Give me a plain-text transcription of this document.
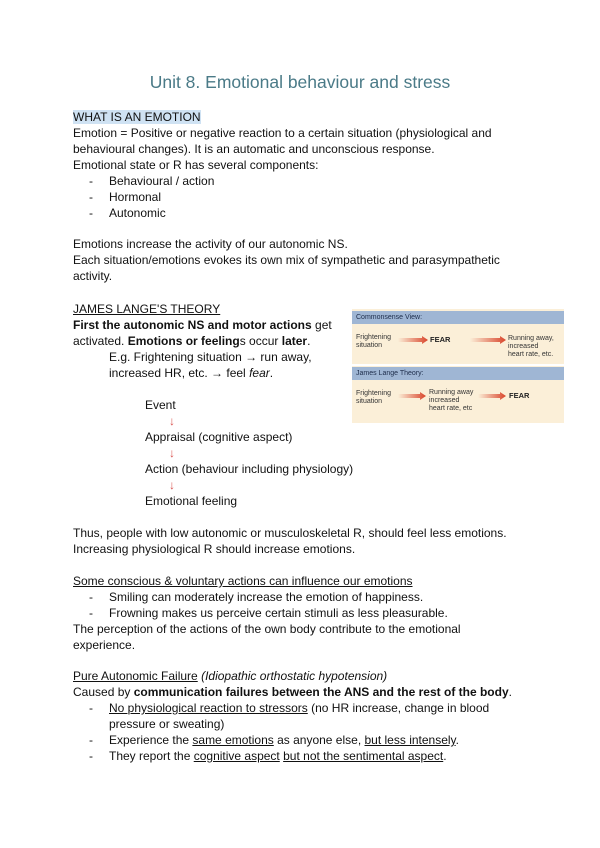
Unit 8. Emotional behaviour and stress
WHAT IS AN EMOTION
Emotion = Positive or negative reaction to a certain situation (physiological and
behavioural changes). It is an automatic and unconscious response.
Emotional state or R has several components:
- Behavioural / action
- Hormonal
- Autonomic
Emotions increase the activity of our autonomic NS.
Each situation/emotions evokes its own mix of sympathetic and parasympathetic
activity.
JAMES LANGE'S THEORY
First the autonomic NS and motor actions get
activated. Emotions or feelings occur later.
E.g. Frightening situation → run away,
increased HR, etc. → feel fear.
Event
↓
Appraisal (cognitive aspect)
↓
Action (behaviour including physiology)
↓
Emotional feeling
Commonsense View:
Frightening
situation
FEAR	Running away,
increased
heart rate, etc.
James Lange Theory:
Frightening
situation
Running away
increased
heart rate, etc
FEAR
Thus, people with low autonomic or musculoskeletal R, should feel less emotions.
Increasing physiological R should increase emotions.
Some conscious & voluntary actions can influence our emotions
- Smiling can moderately increase the emotion of happiness.
- Frowning makes us perceive certain stimuli as less pleasurable.
The perception of the actions of the own body contribute to the emotional
experience.
Pure Autonomic Failure (Idiopathic orthostatic hypotension)
Caused by communication failures between the ANS and the rest of the body.
- No physiological reaction to stressors (no HR increase, change in blood
pressure or sweating)
- Experience the same emotions as anyone else, but less intensely.
- They report the cognitive aspect but not the sentimental aspect.
